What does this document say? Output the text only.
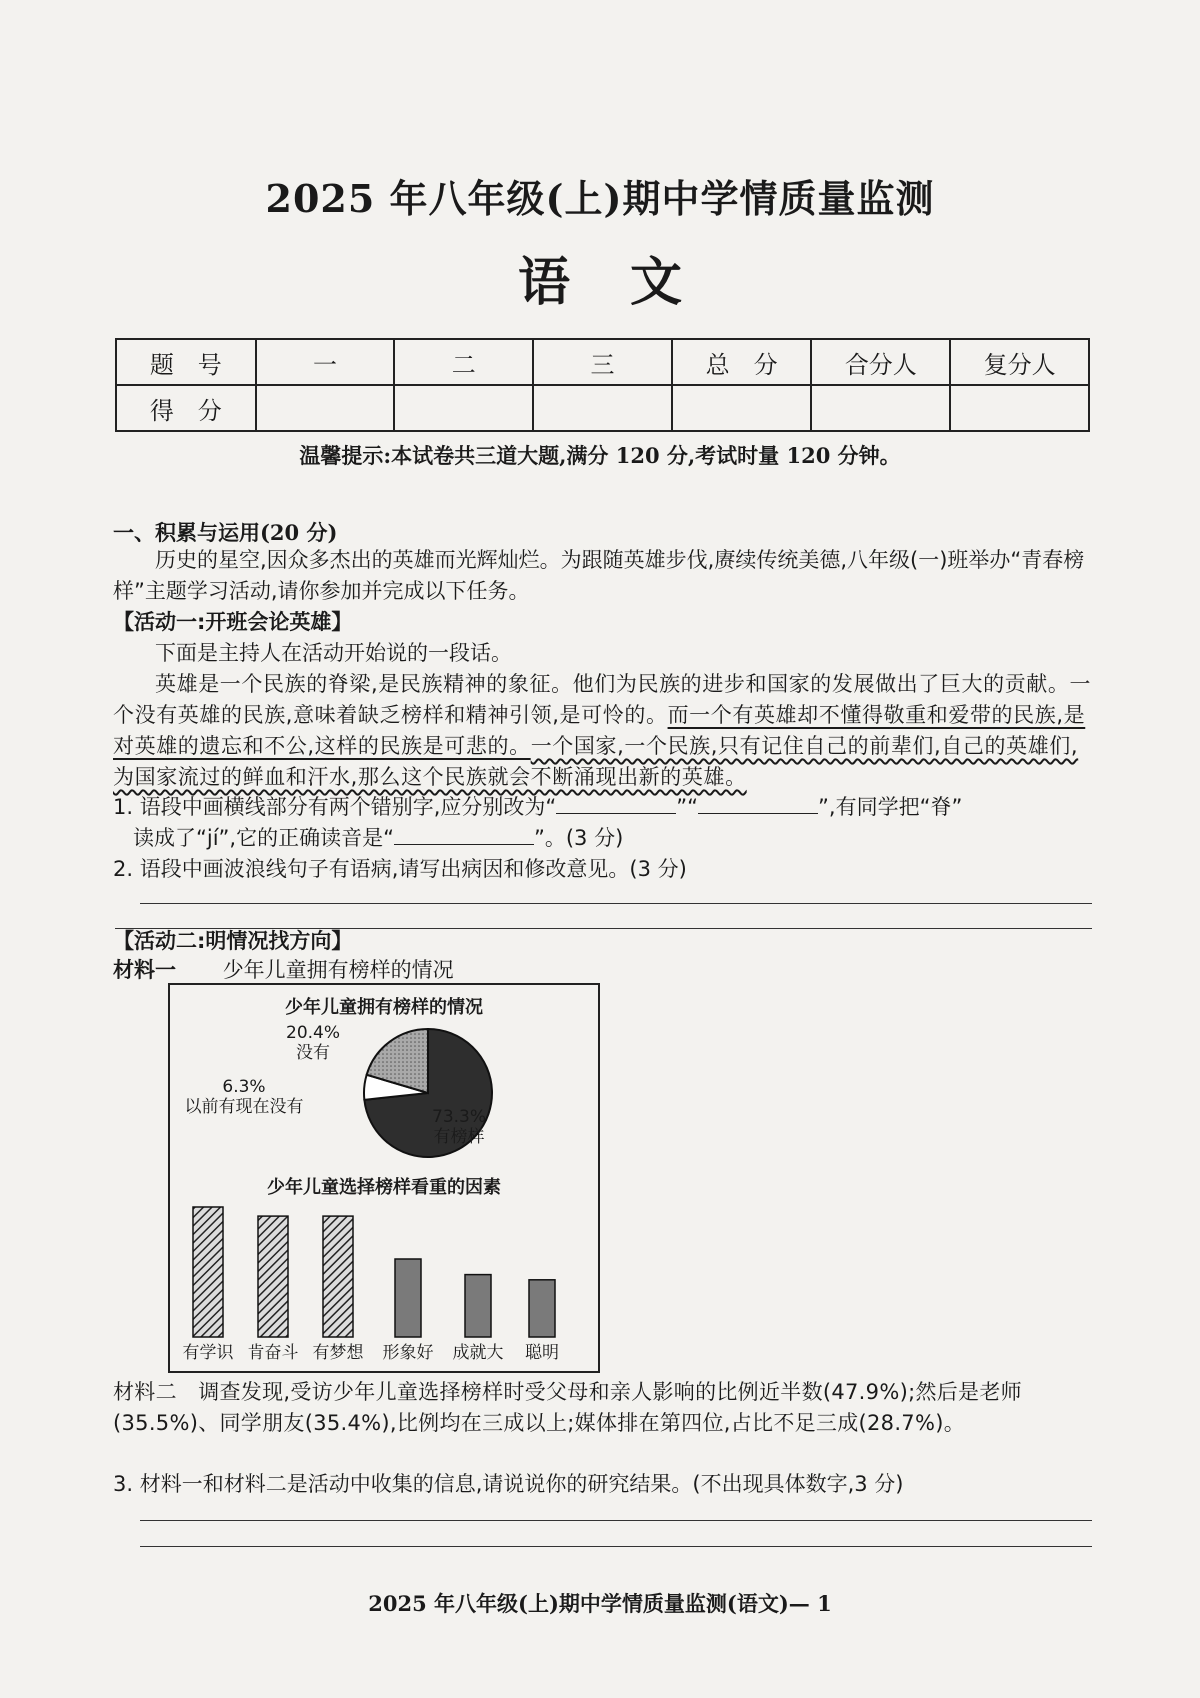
2025 年八年级(上)期中学情质量监测
语文
题　号	一	二	三	总　分	合分人	复分人
得　分						
温馨提示:本试卷共三道大题,满分 120 分,考试时量 120 分钟。
一、积累与运用(20 分)
历史的星空,因众多杰出的英雄而光辉灿烂。为跟随英雄步伐,赓续传统美德,八年级(一)班举办“青春榜样”主题学习活动,请你参加并完成以下任务。
【活动一:开班会论英雄】
下面是主持人在活动开始说的一段话。
英雄是一个民族的脊梁,是民族精神的象征。他们为民族的进步和国家的发展做出了巨大的贡献。一个没有英雄的民族,意味着缺乏榜样和精神引领,是可怜的。而一个有英雄却不懂得敬重和爱带的民族,是对英雄的遗忘和不公,这样的民族是可悲的。一个国家,一个民族,只有记住自己的前辈们,自己的英雄们,为国家流过的鲜血和汗水,那么这个民族就会不断涌现出新的英雄。
1. 语段中画横线部分有两个错别字,应分别改为“	”“	”,有同学把“脊”
读成了“jí”,它的正确读音是“	”。(3 分)
2. 语段中画波浪线句子有语病,请写出病因和修改意见。(3 分)
【活动二:明情况找方向】
材料一 少年儿童拥有榜样的情况
少年儿童拥有榜样的情况
20.4%
没有
6.3%
以前有现在没有	73.3%
有榜样
少年儿童选择榜样看重的因素
有学识 肯奋斗 有梦想	形象好	成就大	聪明
材料二　调查发现,受访少年儿童选择榜样时受父母和亲人影响的比例近半数(47.9%);然后是老师(35.5%)、同学朋友(35.4%),比例均在三成以上;媒体排在第四位,占比不足三成(28.7%)。
3. 材料一和材料二是活动中收集的信息,请说说你的研究结果。(不出现具体数字,3 分)
2025 年八年级(上)期中学情质量监测(语文)— 1
